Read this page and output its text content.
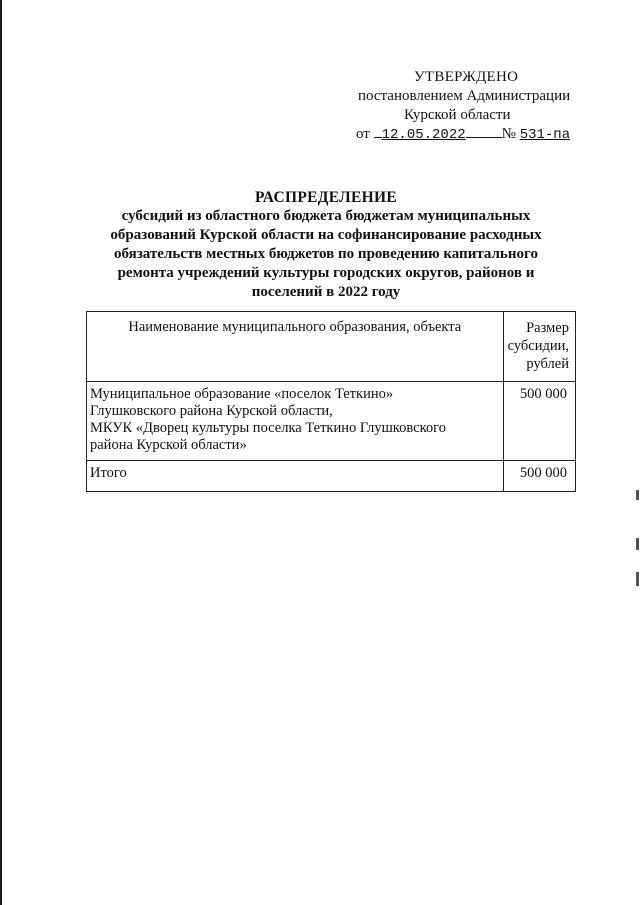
УТВЕРЖДЕНО
постановлением Администрации
Курской области
от 12.05.2022 № 531-па
РАСПРЕДЕЛЕНИЕ
субсидий из областного бюджета бюджетам муниципальных
образований Курской области на софинансирование расходных
обязательств местных бюджетов по проведению капитального
ремонта учреждений культуры городских округов, районов и
поселений в 2022 году
Наименование муниципального образования, объекта	Размер
субсидии,
рублей

Муниципальное образование «поселок Теткино»
Глушковского района Курской области,
МКУК «Дворец культуры поселка Теткино Глушковского
района Курской области»	500 000
Итого	500 000
